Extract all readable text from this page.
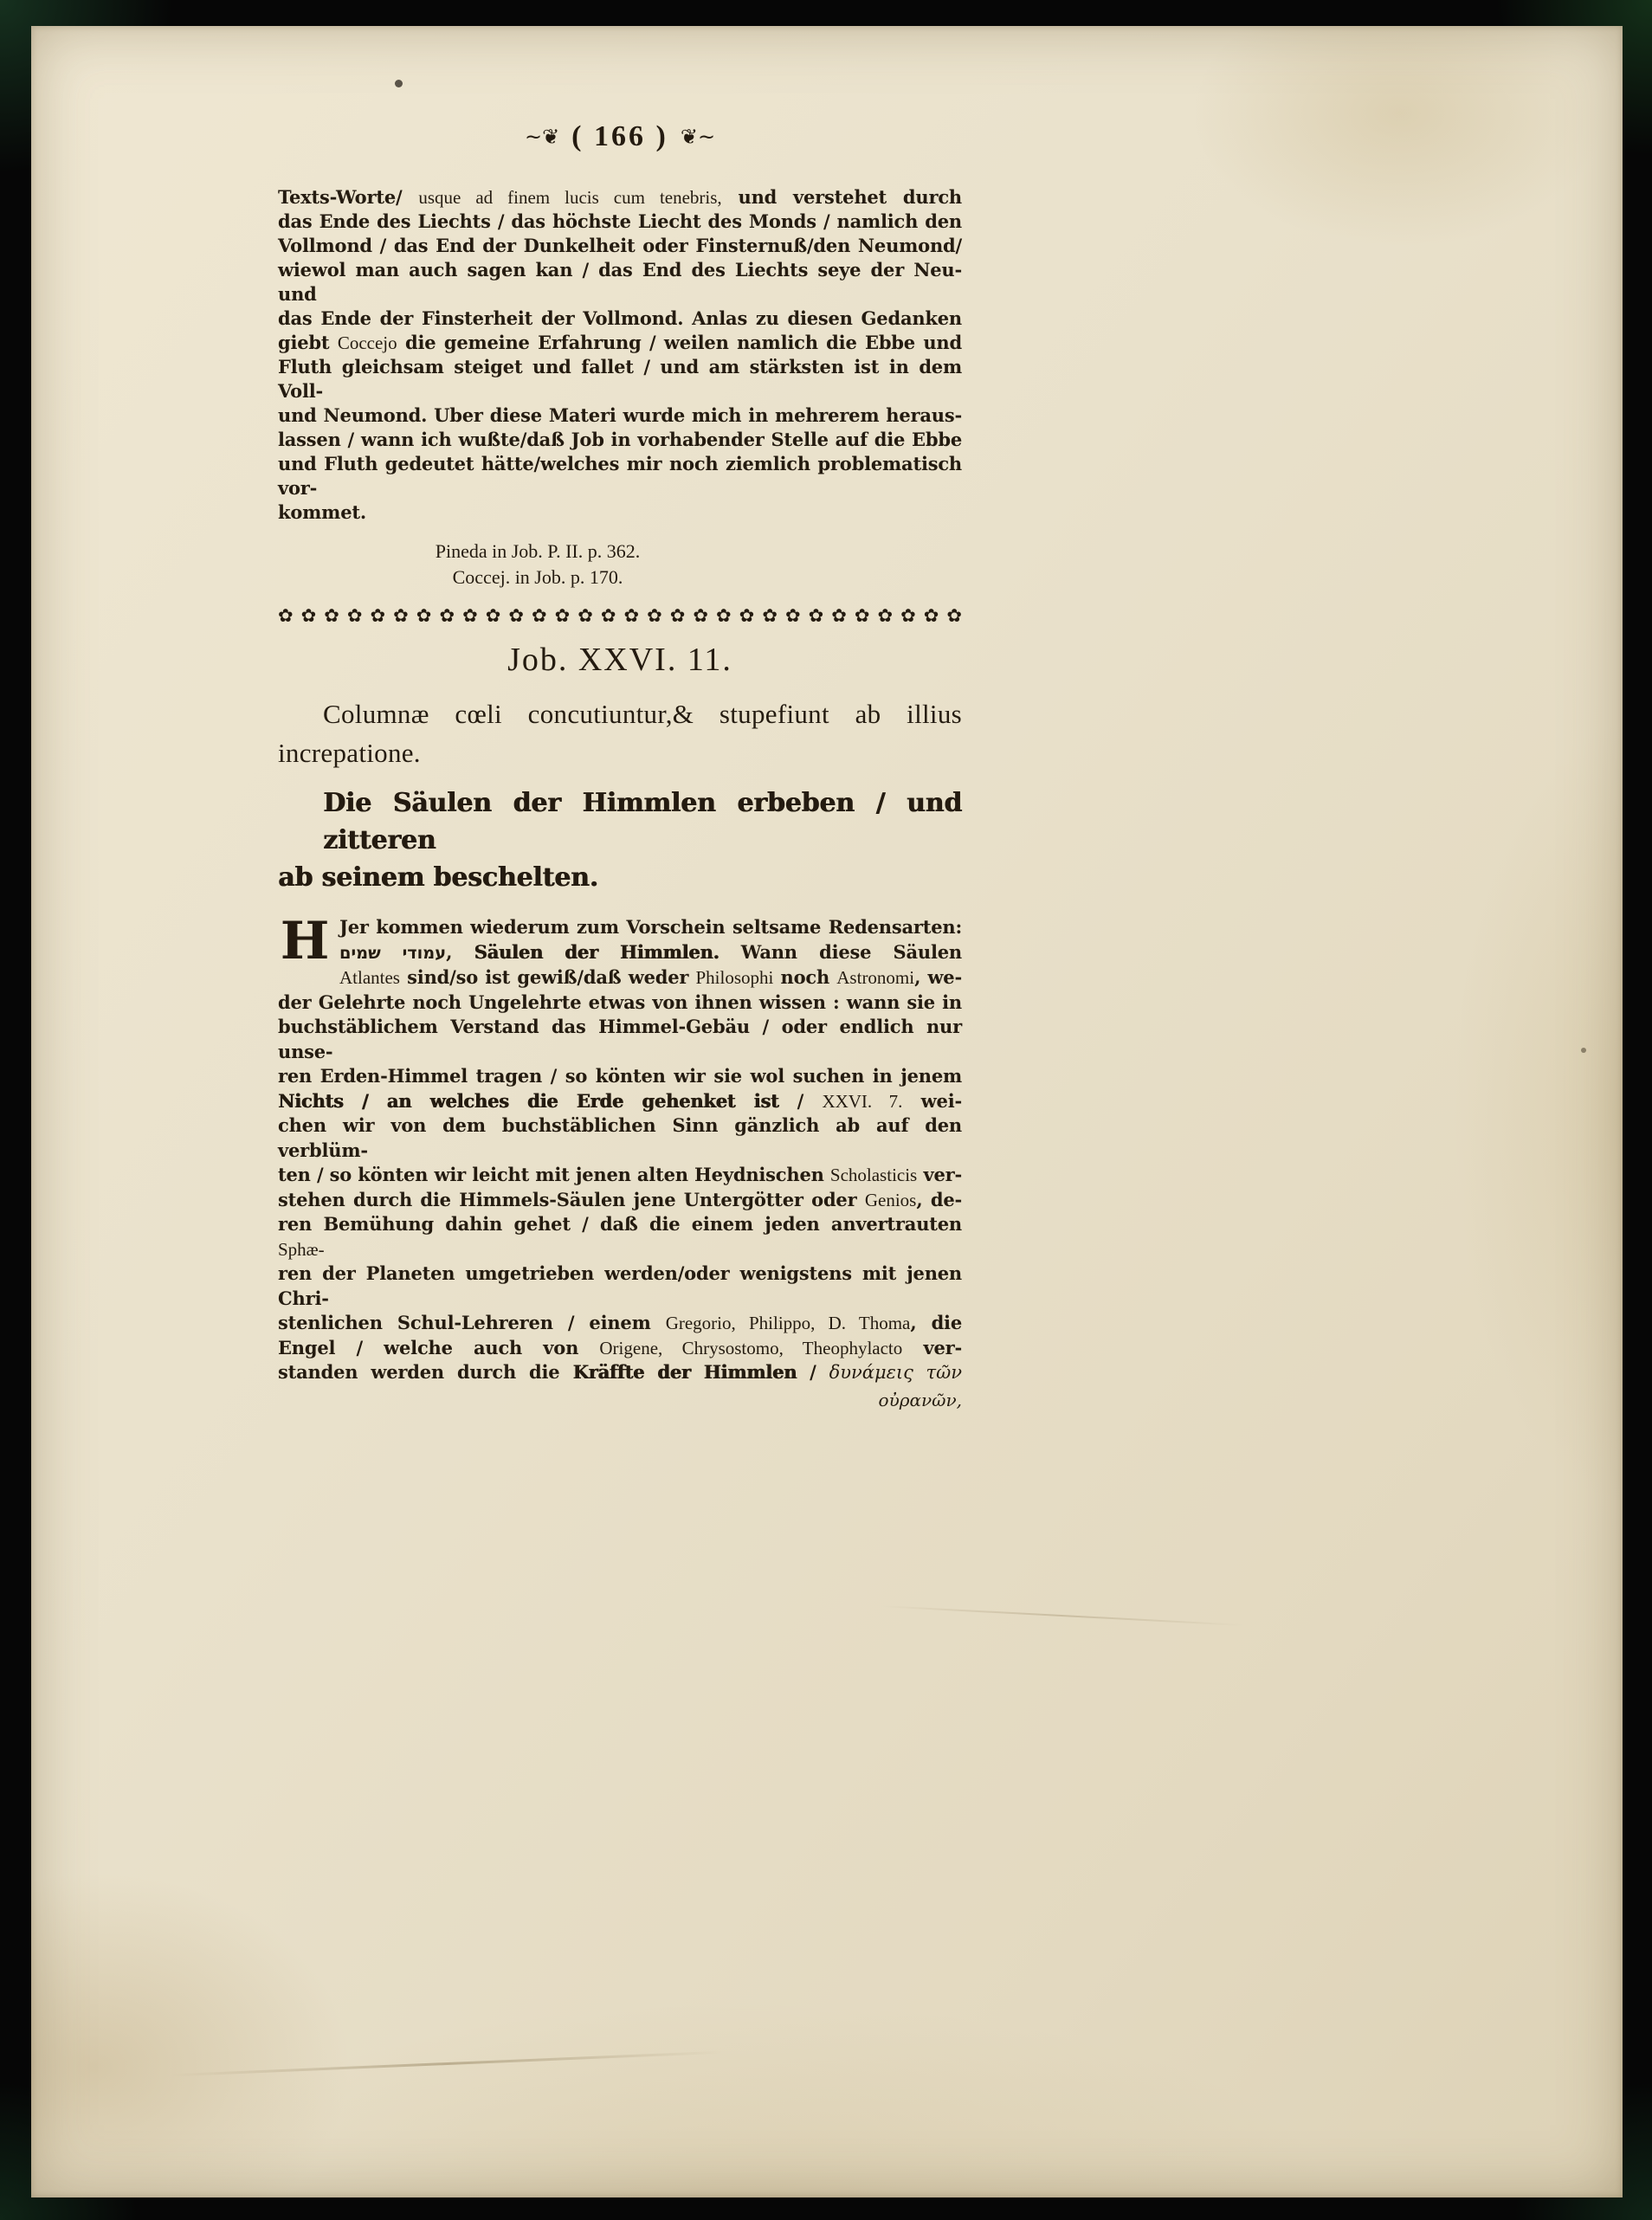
~❦ ( 166 ) ❦~
Texts-Worte/ usque ad finem lucis cum tenebris, und verstehet durch
das Ende des Liechts / das höchste Liecht des Monds / namlich den
Vollmond / das End der Dunkelheit oder Finsternuß/den Neumond/
wiewol man auch sagen kan / das End des Liechts seye der Neu- und
das Ende der Finsterheit der Vollmond. Anlas zu diesen Gedanken
giebt Coccejo die gemeine Erfahrung / weilen namlich die Ebbe und
Fluth gleichsam steiget und fallet / und am stärksten ist in dem Voll-
und Neumond. Uber diese Materi wurde mich in mehrerem heraus-
lassen / wann ich wußte/daß Job in vorhabender Stelle auf die Ebbe
und Fluth gedeutet hätte/welches mir noch ziemlich problematisch vor-
kommet.
Pineda in Job. P. II. p. 362.
Coccej. in Job. p. 170.
✿ ✿ ✿ ✿ ✿ ✿ ✿ ✿ ✿ ✿ ✿ ✿ ✿ ✿ ✿ ✿ ✿ ✿ ✿ ✿ ✿ ✿ ✿ ✿ ✿ ✿ ✿ ✿ ✿ ✿
Job. XXVI. 11.
Columnæ cœli concutiuntur,& stupefiunt ab illius
increpatione.
Die Säulen der Himmlen erbeben / und zitteren
ab seinem beschelten.
H Jer kommen wiederum zum Vorschein seltsame Redensarten:
עמודי שמים, Säulen der Himmlen. Wann diese Säulen
Atlantes sind/so ist gewiß/daß weder Philosophi noch Astronomi, we-
der Gelehrte noch Ungelehrte etwas von ihnen wissen : wann sie in
buchstäblichem Verstand das Himmel-Gebäu / oder endlich nur unse-
ren Erden-Himmel tragen / so könten wir sie wol suchen in jenem
Nichts / an welches die Erde gehenket ist / XXVI. 7. wei-
chen wir von dem buchstäblichen Sinn gänzlich ab auf den verblüm-
ten / so könten wir leicht mit jenen alten Heydnischen Scholasticis ver-
stehen durch die Himmels-Säulen jene Untergötter oder Genios, de-
ren Bemühung dahin gehet / daß die einem jeden anvertrauten Sphæ-
ren der Planeten umgetrieben werden/oder wenigstens mit jenen Chri-
stenlichen Schul-Lehreren / einem Gregorio, Philippo, D. Thoma, die
Engel / welche auch von Origene, Chrysostomo, Theophylacto ver-
standen werden durch die Kräffte der Himmlen / δυνάμεις τῶν
οὐρανῶν,
